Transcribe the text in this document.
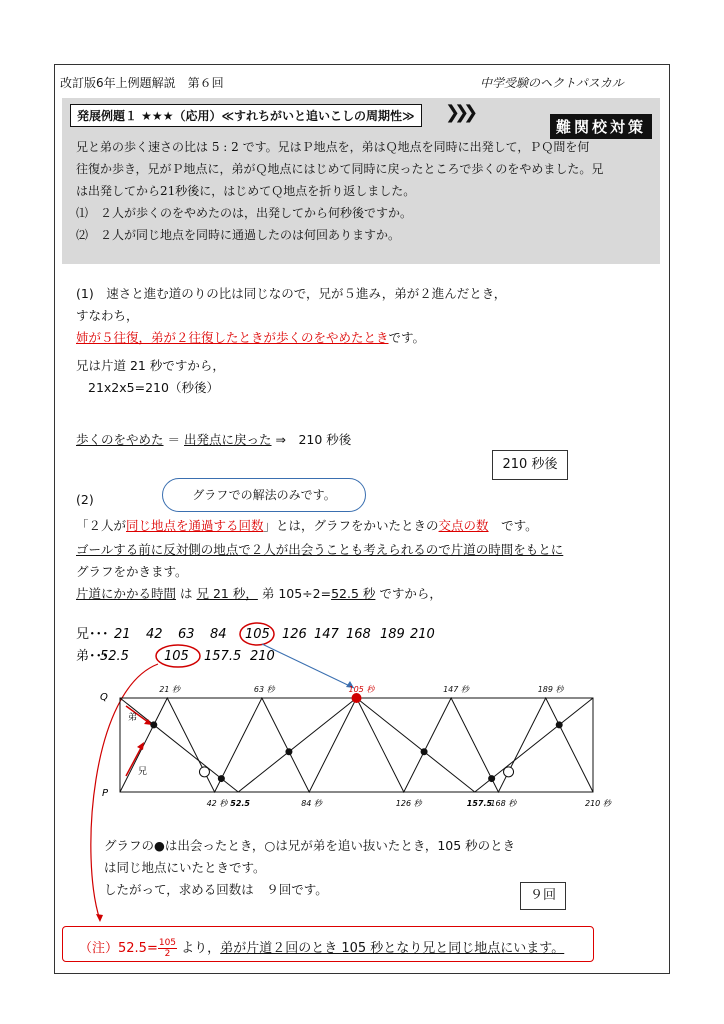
改訂版6年上例題解説　第６回	中学受験のヘクトパスカル
発展例題１ ★★★（応用）≪すれちがいと追いこしの周期性≫	❯❯❯
難関校対策

兄と弟の歩く速さの比は 5 : 2 です。兄はＰ地点を，弟はＱ地点を同時に出発して，ＰＱ間を何

往復か歩き，兄がＰ地点に，弟がＱ地点にはじめて同時に戻ったところで歩くのをやめました。兄

は出発してから21秒後に，はじめてＱ地点を折り返しました。

⑴　２人が歩くのをやめたのは，出発してから何秒後ですか。

⑵　２人が同じ地点を同時に通過したのは何回ありますか。

(1)　速さと進む道のりの比は同じなので，兄が５進み，弟が２進んだとき，
すなわち，
姉が５往復，弟が２往復したときが歩くのをやめたときです。
兄は片道 21 秒ですから，
21x2x5=210（秒後）
歩くのをやめた ＝ 出発点に戻った ⇒　210 秒後
210 秒後
グラフでの解法のみです。
(2)
「２人が同じ地点を通過する回数」とは，グラフをかいたときの交点の数　 です。
ゴールする前に反対側の地点で２人が出会うことも考えられるので片道の時間をもとに
グラフをかきます。
片道にかかる時間 は 兄 21 秒， 弟 105÷2=52.5 秒 ですから，
兄･･･ 21 42 63 84 105 126 147 168 189 210
弟･･･
52.5	105 157.5 210
Q
P
兄
弟
21 秒	63 秒	105 秒	147 秒	189 秒
42 秒 52.5	84 秒	126 秒	157.5
168 秒	210 秒
グラフの●は出会ったとき，○は兄が弟を追い抜いたとき，105 秒のとき
は同じ地点にいたときです。
したがって，求める回数は　９回です。	９回
（注）$52.5= \frac{105}{2}$ より，弟が片道２回のとき 105 秒となり兄と同じ地点にいます。
